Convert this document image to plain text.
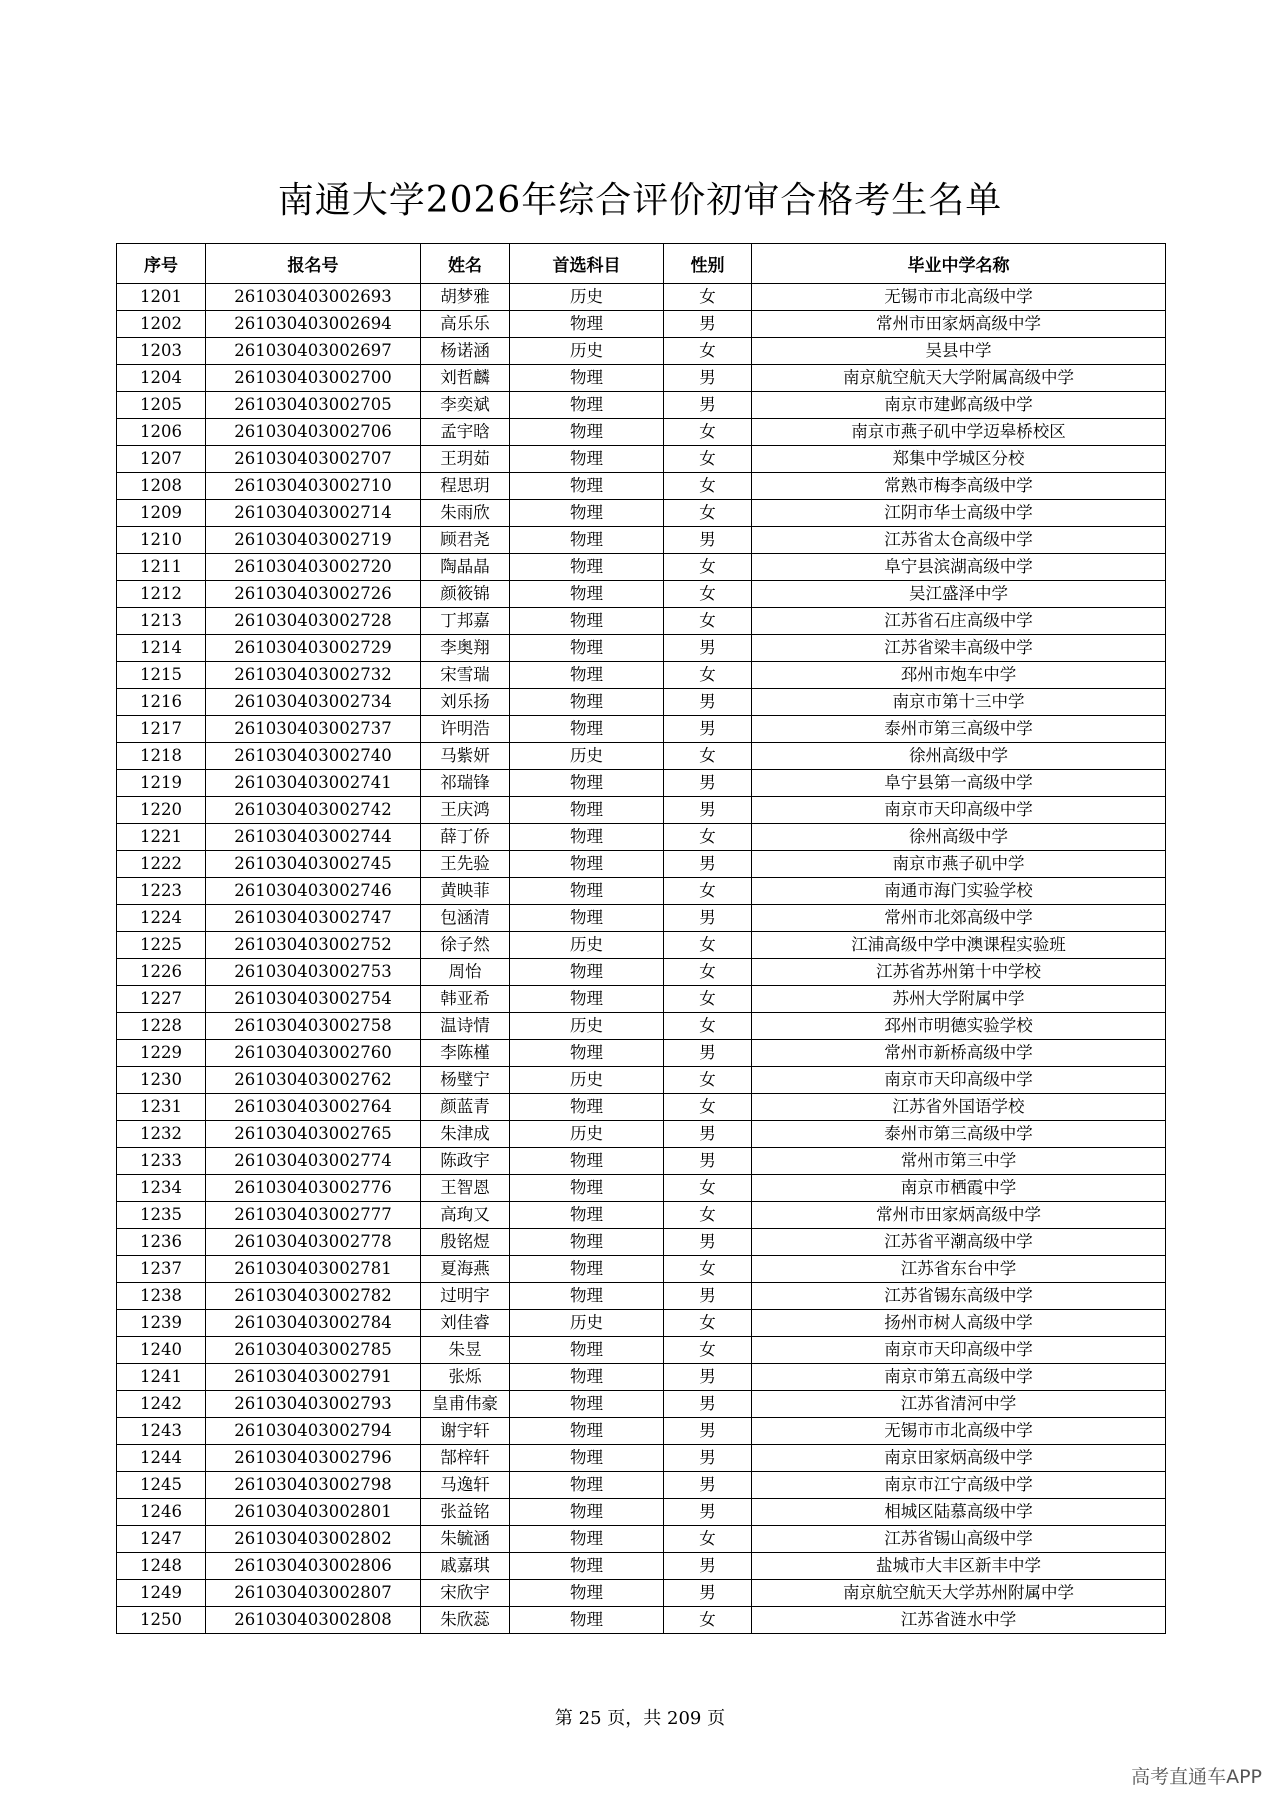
南通大学2026年综合评价初审合格考生名单
序号	报名号	姓名	首选科目	性别	毕业中学名称
1201	261030403002693	胡梦雅	历史	女	无锡市市北高级中学
1202	261030403002694	高乐乐	物理	男	常州市田家炳高级中学
1203	261030403002697	杨诺涵	历史	女	吴县中学
1204	261030403002700	刘哲麟	物理	男	南京航空航天大学附属高级中学
1205	261030403002705	李奕斌	物理	男	南京市建邺高级中学
1206	261030403002706	孟宇晗	物理	女	南京市燕子矶中学迈皋桥校区
1207	261030403002707	王玥茹	物理	女	郑集中学城区分校
1208	261030403002710	程思玥	物理	女	常熟市梅李高级中学
1209	261030403002714	朱雨欣	物理	女	江阴市华士高级中学
1210	261030403002719	顾君尧	物理	男	江苏省太仓高级中学
1211	261030403002720	陶晶晶	物理	女	阜宁县滨湖高级中学
1212	261030403002726	颜筱锦	物理	女	吴江盛泽中学
1213	261030403002728	丁邦嘉	物理	女	江苏省石庄高级中学
1214	261030403002729	李奥翔	物理	男	江苏省梁丰高级中学
1215	261030403002732	宋雪瑞	物理	女	邳州市炮车中学
1216	261030403002734	刘乐扬	物理	男	南京市第十三中学
1217	261030403002737	许明浩	物理	男	泰州市第三高级中学
1218	261030403002740	马紫妍	历史	女	徐州高级中学
1219	261030403002741	祁瑞锋	物理	男	阜宁县第一高级中学
1220	261030403002742	王庆鸿	物理	男	南京市天印高级中学
1221	261030403002744	薛丁侨	物理	女	徐州高级中学
1222	261030403002745	王先验	物理	男	南京市燕子矶中学
1223	261030403002746	黄映菲	物理	女	南通市海门实验学校
1224	261030403002747	包涵清	物理	男	常州市北郊高级中学
1225	261030403002752	徐子然	历史	女	江浦高级中学中澳课程实验班
1226	261030403002753	周怡	物理	女	江苏省苏州第十中学校
1227	261030403002754	韩亚希	物理	女	苏州大学附属中学
1228	261030403002758	温诗情	历史	女	邳州市明德实验学校
1229	261030403002760	李陈槿	物理	男	常州市新桥高级中学
1230	261030403002762	杨璧宁	历史	女	南京市天印高级中学
1231	261030403002764	颜蓝青	物理	女	江苏省外国语学校
1232	261030403002765	朱津成	历史	男	泰州市第三高级中学
1233	261030403002774	陈政宇	物理	男	常州市第三中学
1234	261030403002776	王智恩	物理	女	南京市栖霞中学
1235	261030403002777	高珣又	物理	女	常州市田家炳高级中学
1236	261030403002778	殷铭煜	物理	男	江苏省平潮高级中学
1237	261030403002781	夏海燕	物理	女	江苏省东台中学
1238	261030403002782	过明宇	物理	男	江苏省锡东高级中学
1239	261030403002784	刘佳睿	历史	女	扬州市树人高级中学
1240	261030403002785	朱昱	物理	女	南京市天印高级中学
1241	261030403002791	张烁	物理	男	南京市第五高级中学
1242	261030403002793	皇甫伟豪	物理	男	江苏省清河中学
1243	261030403002794	谢宇轩	物理	男	无锡市市北高级中学
1244	261030403002796	郜梓轩	物理	男	南京田家炳高级中学
1245	261030403002798	马逸轩	物理	男	南京市江宁高级中学
1246	261030403002801	张益铭	物理	男	相城区陆慕高级中学
1247	261030403002802	朱毓涵	物理	女	江苏省锡山高级中学
1248	261030403002806	戚嘉琪	物理	男	盐城市大丰区新丰中学
1249	261030403002807	宋欣宇	物理	男	南京航空航天大学苏州附属中学
1250	261030403002808	朱欣蕊	物理	女	江苏省涟水中学
第 25 页，共 209 页
高考直通车APP
